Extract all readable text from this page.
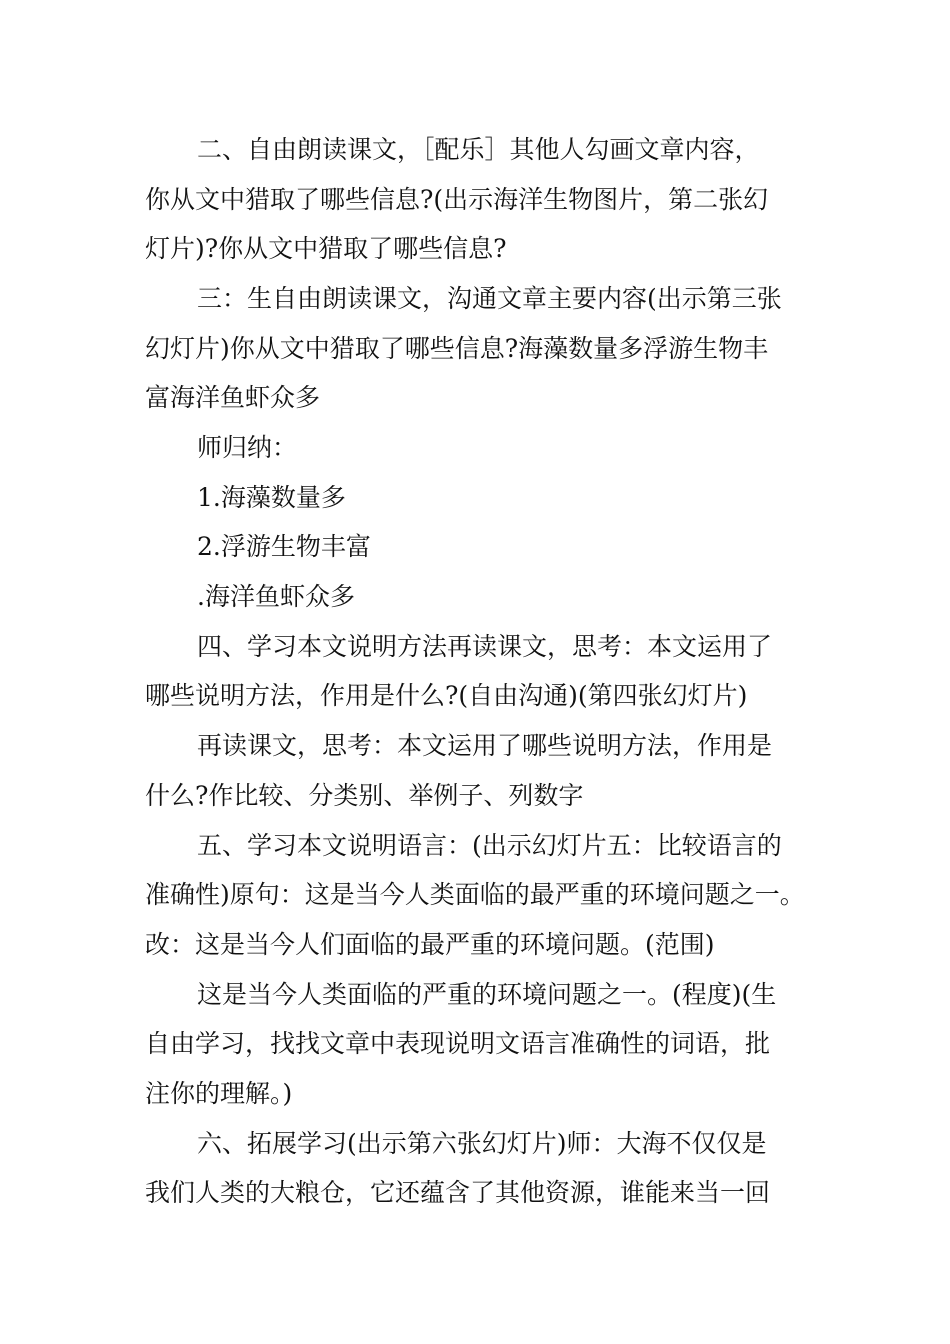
二、自由朗读课文，［配乐］其他人勾画文章内容，
你从文中猎取了哪些信息?(出示海洋生物图片，第二张幻
灯片)?你从文中猎取了哪些信息?
三：生自由朗读课文，沟通文章主要内容(出示第三张
幻灯片)你从文中猎取了哪些信息?海藻数量多浮游生物丰
富海洋鱼虾众多
师归纳：
1.海藻数量多
2.浮游生物丰富
.海洋鱼虾众多
四、学习本文说明方法再读课文，思考：本文运用了
哪些说明方法，作用是什么?(自由沟通)(第四张幻灯片)
再读课文，思考：本文运用了哪些说明方法，作用是
什么?作比较、分类别、举例子、列数字
五、学习本文说明语言：(出示幻灯片五：比较语言的
准确性)原句：这是当今人类面临的最严重的环境问题之一。
改：这是当今人们面临的最严重的环境问题。(范围)
这是当今人类面临的严重的环境问题之一。(程度)(生
自由学习，找找文章中表现说明文语言准确性的词语，批
注你的理解。)
六、拓展学习(出示第六张幻灯片)师：大海不仅仅是
我们人类的大粮仓，它还蕴含了其他资源，谁能来当一回
